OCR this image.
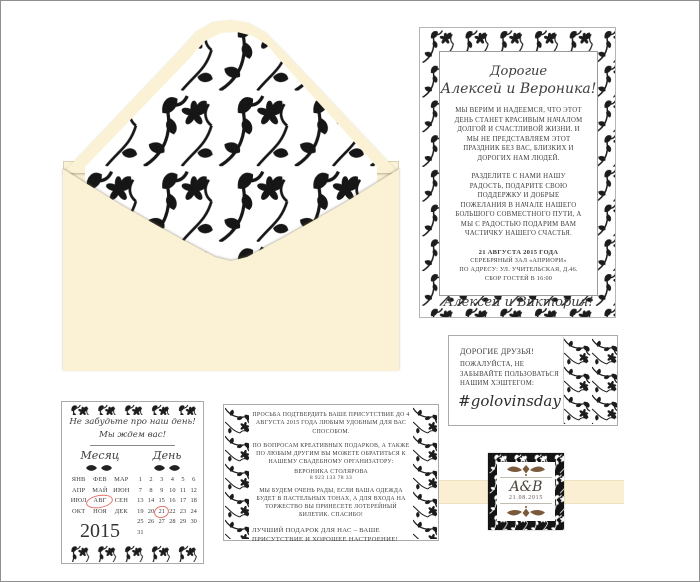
Дорогие
Алексей и Вероника!

МЫ ВЕРИМ И НАДЕЕМСЯ, ЧТО ЭТОТ ДЕНЬ СТАНЕТ КРАСИВЫМ НАЧАЛОМ ДОЛГОЙ И СЧАСТЛИВОЙ ЖИЗНИ. И МЫ НЕ ПРЕДСТАВЛЯЕМ ЭТОТ ПРАЗДНИК БЕЗ ВАС, БЛИЗКИХ И ДОРОГИХ НАМ ЛЮДЕЙ.

РАЗДЕЛИТЕ С НАМИ НАШУ РАДОСТЬ, ПОДАРИТЕ СВОЮ ПОДДЕРЖКУ И ДОБРЫЕ ПОЖЕЛАНИЯ В НАЧАЛЕ НАШЕГО БОЛЬШОГО СОВМЕСТНОГО ПУТИ, А МЫ С РАДОСТЬЮ ПОДАРИМ ВАМ ЧАСТИЧКУ НАШЕГО СЧАСТЬЯ.

21 АВГУСТА 2015 ГОДА
СЕРЕБРЯНЫЙ ЗАЛ «АПРИОРИ»
ПО АДРЕСУ: УЛ. УЧИТЕЛЬСКАЯ, Д.46.
СБОР ГОСТЕЙ В 16:00
Алексей и Виктория!
ДОРОГИЕ ДРУЗЬЯ!
ПОЖАЛУЙСТА, НЕ ЗАБЫВАЙТЕ ПОЛЬЗОВАТЬСЯ НАШИМ ХЭШТЕГОМ:
#golovinsday
Не забудьте про наш день!
Мы ждем вас!
Месяц	День
ЯНВ	ФЕВ	МАР
АПР	МАЙ ИЮН
ИЮЛ	АВГ	СЕН
ОКТ	НОЯ	ДЕК
1	2	3	4	5	6
7	8	9 10 11 12
13 14 15 16 17 18
19 20 21 22 23 24
25 26 27 28 29 30
31
2015
ПРОСЬБА ПОДТВЕРДИТЬ ВАШЕ ПРИСУТСТВИЕ ДО 4 АВГУСТА 2015 ГОДА ЛЮБЫМ УДОБНЫМ ДЛЯ ВАС СПОСОБОМ.
ПО ВОПРОСАМ КРЕАТИВНЫХ ПОДАРКОВ, А ТАКЖЕ ПО ЛЮБЫМ ДРУГИМ ВЫ МОЖЕТЕ ОБРАТИТЬСЯ К НАШЕМУ СВАДЕБНОМУ ОРГАНИЗАТОРУ:
ВЕРОНИКА СТОЛЯРОВА
8 923 133 78 33
МЫ БУДЕМ ОЧЕНЬ РАДЫ, ЕСЛИ ВАША ОДЕЖДА БУДЕТ В ПАСТЕЛЬНЫХ ТОНАХ, А ДЛЯ ВХОДА НА ТОРЖЕСТВО ВЫ ПРИНЕСЕТЕ ЛОТЕРЕЙНЫЙ БИЛЕТИК. СПАСИБО!
ЛУЧШИЙ ПОДАРОК ДЛЯ НАС – ВАШЕ ПРИСУТСТВИЕ И ХОРОШЕЕ НАСТРОЕНИЕ!
A&B
21.08.2015
